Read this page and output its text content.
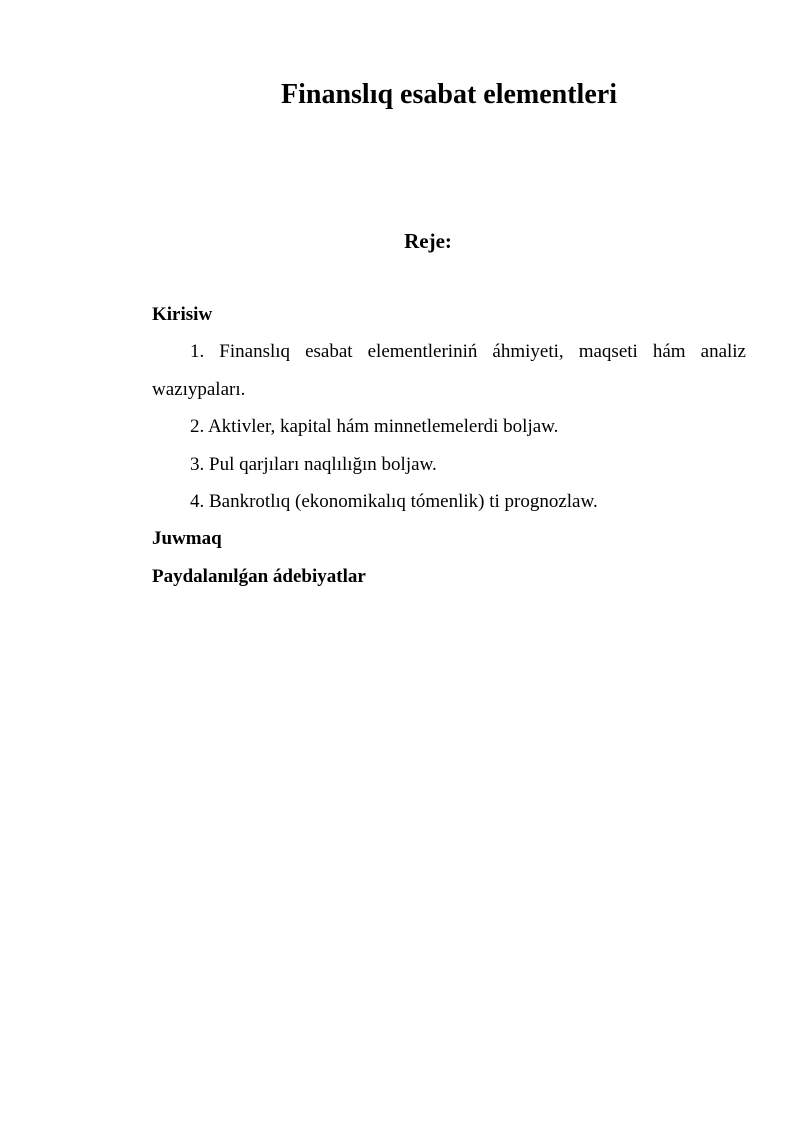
Finanslıq esabat elementleri
Reje:

Kirisiw

1. Finanslıq esabat elementleriniń áhmiyeti, maqseti hám analiz wazıypaları.

2. Aktivler, kapital hám minnetlemelerdi boljaw.

3. Pul qarjıları naqlılığın boljaw.

4. Bankrotlıq (ekonomikalıq tómenlik) ti prognozlaw.

Juwmaq

Paydalanılǵan ádebiyatlar
